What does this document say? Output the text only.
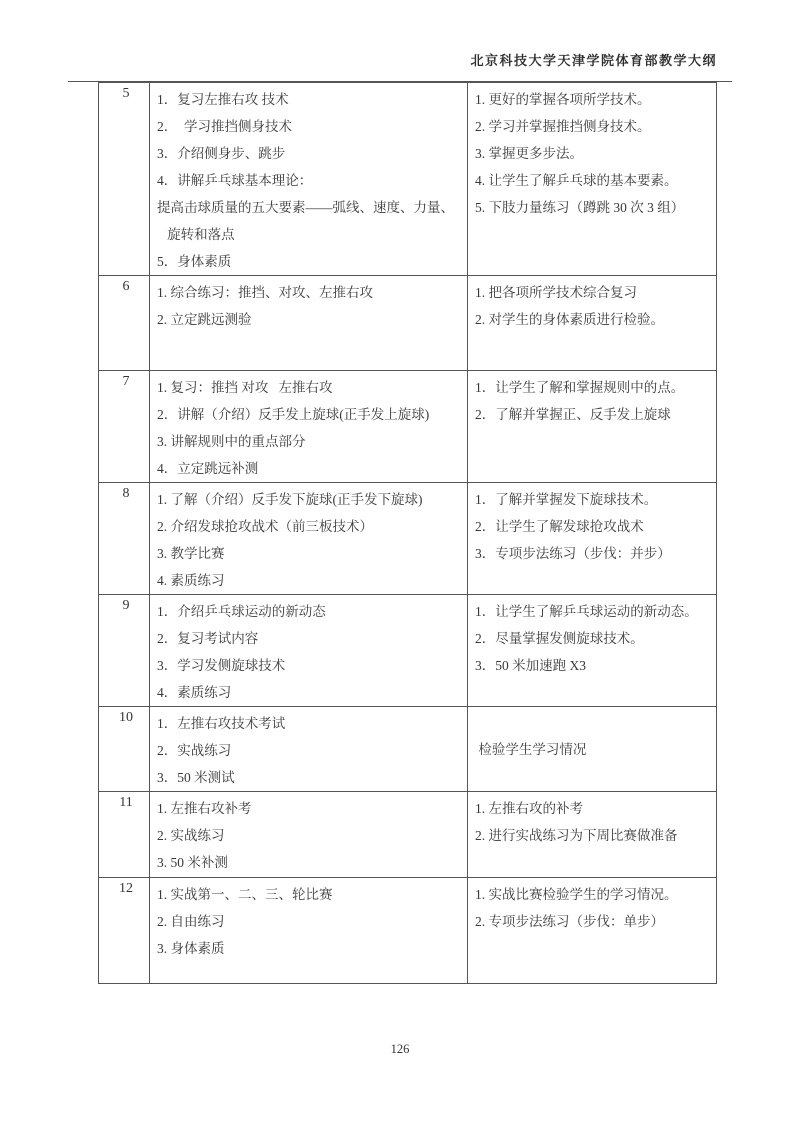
北京科技大学天津学院体育部教学大纲
5	1．复习左推右攻 技术
2．  学习推挡侧身技术
3．介绍侧身步、跳步
4．讲解乒乓球基本理论：
提高击球质量的五大要素——弧线、速度、力量、
旋转和落点
5．身体素质

1. 更好的掌握各项所学技术。
2. 学习并掌握推挡侧身技术。
3. 掌握更多步法。
4. 让学生了解乒乓球的基本要素。
5. 下肢力量练习（蹲跳 30 次 3 组）

6	1. 综合练习：推挡、对攻、左推右攻
2. 立定跳远测验

1. 把各项所学技术综合复习
2. 对学生的身体素质进行检验。

7	1. 复习：推挡 对攻   左推右攻
2．讲解（介绍）反手发上旋球(正手发上旋球)
3. 讲解规则中的重点部分
4．立定跳远补测

1．让学生了解和掌握规则中的点。
2．了解并掌握正、反手发上旋球

8	1. 了解（介绍）反手发下旋球(正手发下旋球)
2. 介绍发球抢攻战术（前三板技术）
3. 教学比赛
4. 素质练习

1．了解并掌握发下旋球技术。
2．让学生了解发球抢攻战术
3．专项步法练习（步伐：并步）

9	1．介绍乒乓球运动的新动态
2．复习考试内容
3．学习发侧旋球技术
4．素质练习

1．让学生了解乒乓球运动的新动态。
2．尽量掌握发侧旋球技术。
3．50 米加速跑 X3

10	1．左推右攻技术考试
2．实战练习
3．50 米测试	检验学生学习情况

11	1. 左推右攻补考
2. 实战练习
3. 50 米补测

1. 左推右攻的补考
2. 进行实战练习为下周比赛做准备

12	1. 实战第一、二、三、轮比赛
2. 自由练习
3. 身体素质

1. 实战比赛检验学生的学习情况。
2. 专项步法练习（步伐：单步）
126
